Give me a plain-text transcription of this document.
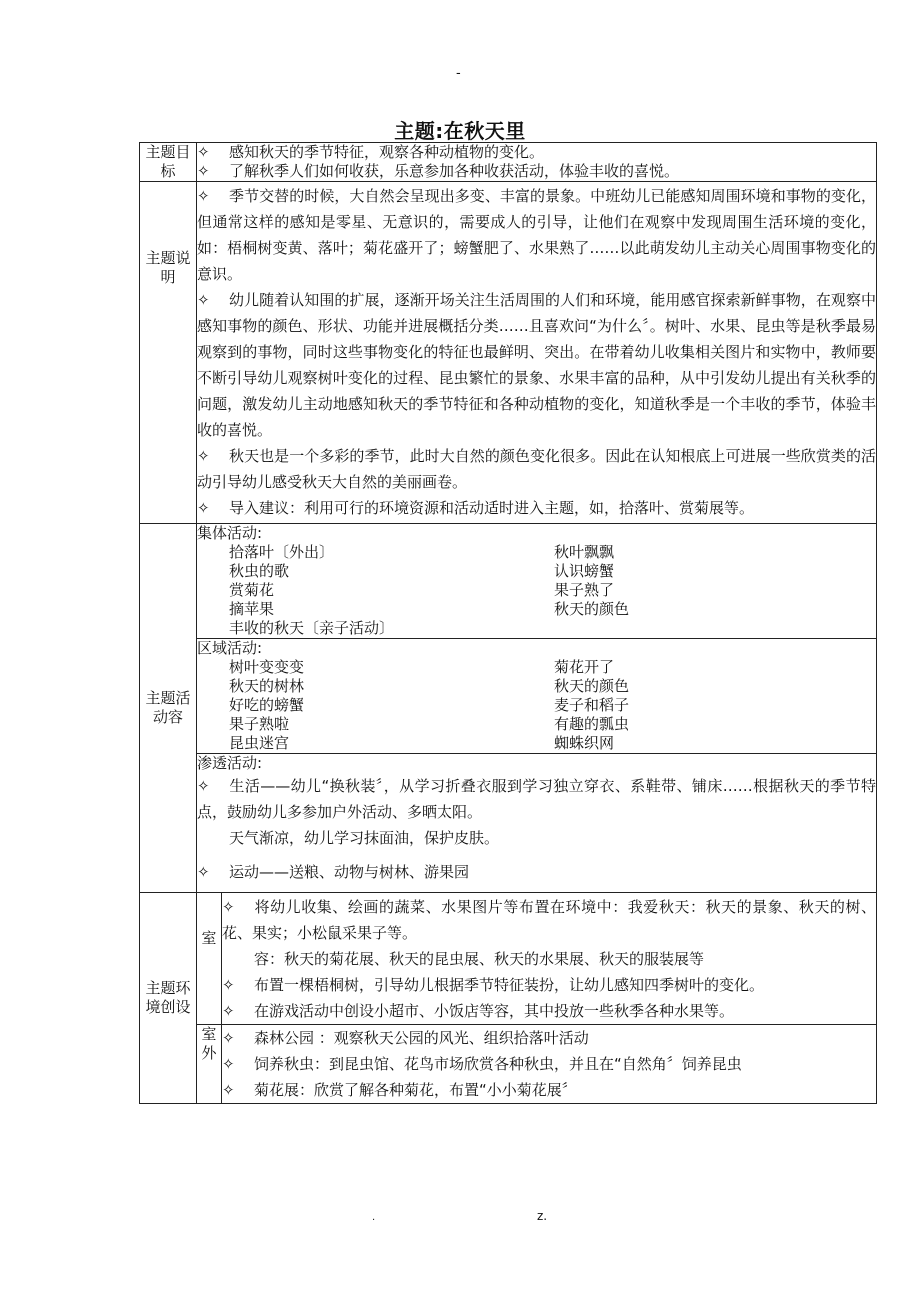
-
主题:在秋天里
主题目标	
✧ 感知秋天的季节特征，观察各种动植物的变化。
✧ 了解秋季人们如何收获，乐意参加各种收获活动，体验丰收的喜悦。

主题说明	

✧ 季节交替的时候，大自然会呈现出多变、丰富的景象。中班幼儿已能感知周围环境和事物的变化，但通常这样的感知是零星、无意识的，需要成人的引导，让他们在观察中发现周围生活环境的变化，如：梧桐树变黄、落叶；菊花盛开了；螃蟹肥了、水果熟了……以此萌发幼儿主动关心周围事物变化的意识。

✧ 幼儿随着认知围的扩展，逐渐开场关注生活周围的人们和环境，能用感官探索新鲜事物，在观察中感知事物的颜色、形状、功能并进展概括分类……且喜欢问“为什么〞。树叶、水果、昆虫等是秋季最易观察到的事物，同时这些事物变化的特征也最鲜明、突出。在带着幼儿收集相关图片和实物中，教师要不断引导幼儿观察树叶变化的过程、昆虫繁忙的景象、水果丰富的品种，从中引发幼儿提出有关秋季的问题，激发幼儿主动地感知秋天的季节特征和各种动植物的变化，知道秋季是一个丰收的季节，体验丰收的喜悦。

✧ 秋天也是一个多彩的季节，此时大自然的颜色变化很多。因此在认知根底上可进展一些欣赏类的活动引导幼儿感受秋天大自然的美丽画卷。

✧ 导入建议：利用可行的环境资源和活动适时进入主题，如，拾落叶、赏菊展等。

主题活动容	
集体活动:
拾落叶〔外出〕	秋叶飘飘
秋虫的歌	认识螃蟹
赏菊花	果子熟了
摘苹果	秋天的颜色
丰收的秋天〔亲子活动〕

区域活动:
树叶变变变	菊花开了
秋天的树林	秋天的颜色
好吃的螃蟹	麦子和稻子
果子熟啦	有趣的瓢虫
昆虫迷宫	蜘蛛织网

渗透活动:
✧ 生活——幼儿“换秋装〞，从学习折叠衣服到学习独立穿衣、系鞋带、铺床……根据秋天的季节特点，鼓励幼儿多参加户外活动、多晒太阳。
天气渐凉，幼儿学习抹面油，保护皮肤。
✧ 运动——送粮、动物与树林、游果园

主题环境创设	
室	
✧ 将幼儿收集、绘画的蔬菜、水果图片等布置在环境中：我爱秋天：秋天的景象、秋天的树、花、果实；小松鼠采果子等。
容：秋天的菊花展、秋天的昆虫展、秋天的水果展、秋天的服装展等
✧ 布置一棵梧桐树，引导幼儿根据季节特征装扮，让幼儿感知四季树叶的变化。
✧ 在游戏活动中创设小超市、小饭店等容，其中投放一些秋季各种水果等。

室外	
✧ 森林公园 ：观察秋天公园的风光、组织拾落叶活动
✧ 饲养秋虫：到昆虫馆、花鸟市场欣赏各种秋虫，并且在“自然角〞饲养昆虫
✧ 菊花展：欣赏了解各种菊花，布置“小小菊花展〞
.	z.
